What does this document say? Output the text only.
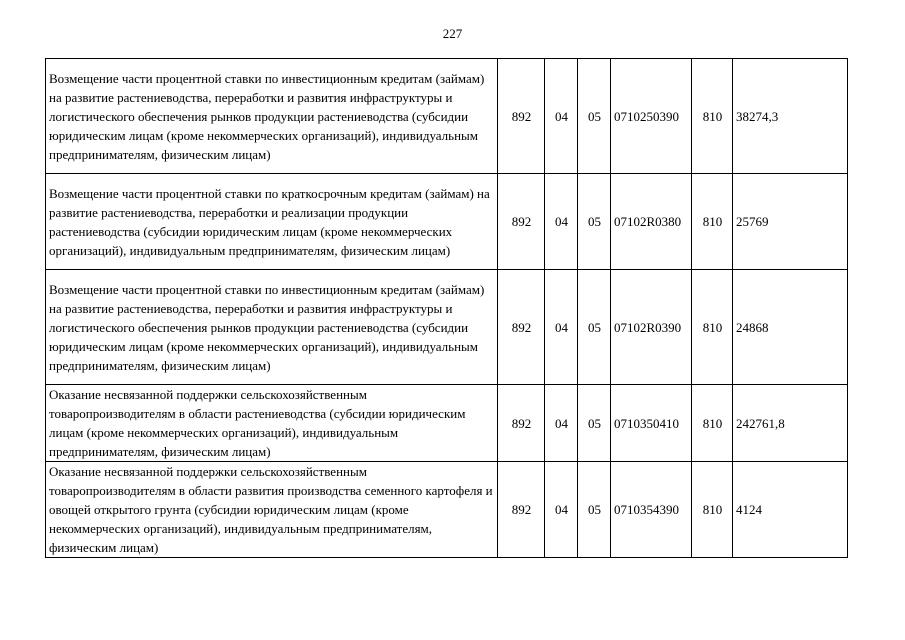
227
Возмещение части процентной ставки по инвестиционным кредитам (займам) на развитие растениеводства, переработки и развития инфраструктуры и логистического обеспечения рынков продукции растениеводства (субсидии юридическим лицам (кроме некоммерческих организаций), индивидуальным предпринимателям, физическим лицам)	892	04	05	0710250390	810	38274,3
Возмещение части процентной ставки по краткосрочным кредитам (займам) на развитие растениеводства, переработки и реализации продукции растениеводства (субсидии юридическим лицам (кроме некоммерческих организаций), индивидуальным предпринимателям, физическим лицам)	892	04	05	07102R0380	810	25769
Возмещение части процентной ставки по инвестиционным кредитам (займам) на развитие растениеводства, переработки и развития инфраструктуры и логистического обеспечения рынков продукции растениеводства (субсидии юридическим лицам (кроме некоммерческих организаций), индивидуальным предпринимателям, физическим лицам)	892	04	05	07102R0390	810	24868
Оказание несвязанной поддержки сельскохозяйственным товаропроизводителям в области растениеводства (субсидии юридическим лицам (кроме некоммерческих организаций), индивидуальным предпринимателям, физическим лицам)	892	04	05	0710350410	810	242761,8
Оказание несвязанной поддержки сельскохозяйственным товаропроизводителям в области развития производства семенного картофеля и овощей открытого грунта (субсидии юридическим лицам (кроме некоммерческих организаций), индивидуальным предпринимателям, физическим лицам)	892	04	05	0710354390	810	4124
